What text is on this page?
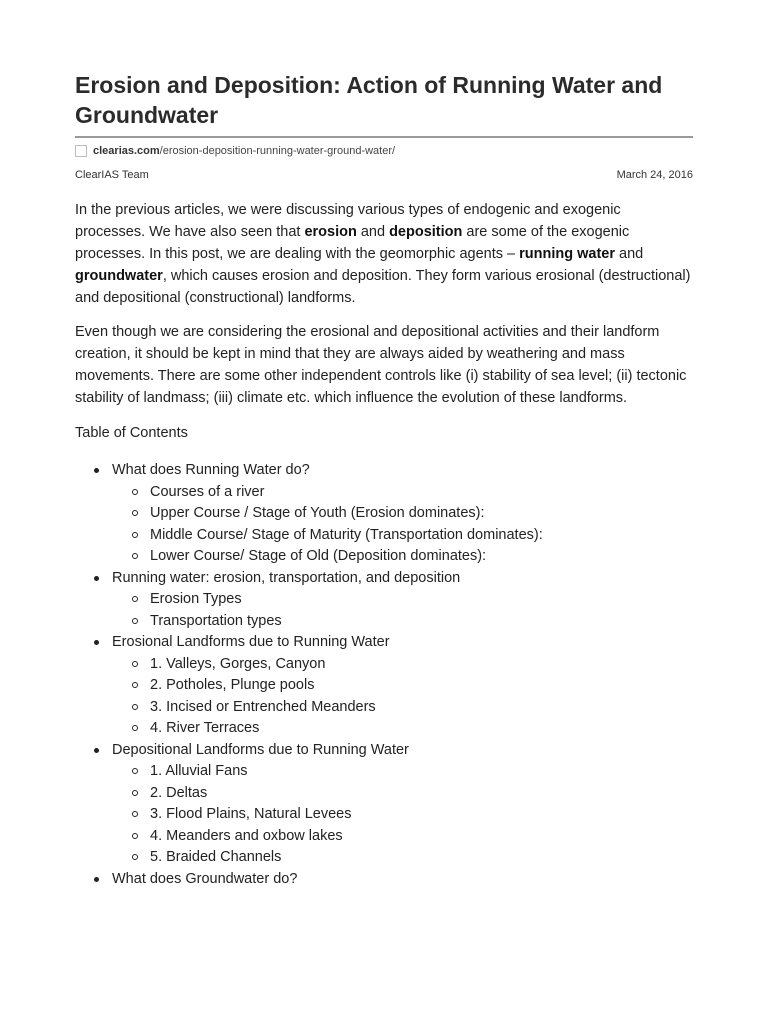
Erosion and Deposition: Action of Running Water and Groundwater
clearias.com /erosion-deposition-running-water-ground-water/
ClearIAS Team	March 24, 2016

In the previous articles, we were discussing various types of endogenic and exogenic processes. We have also seen that erosion and deposition are some of the exogenic processes. In this post, we are dealing with the geomorphic agents – running water and groundwater, which causes erosion and deposition. They form various erosional (destructional) and depositional (constructional) landforms.

Even though we are considering the erosional and depositional activities and their landform creation, it should be kept in mind that they are always aided by weathering and mass movements. There are some other independent controls like (i) stability of sea level; (ii) tectonic stability of landmass; (iii) climate etc. which influence the evolution of these landforms.

Table of Contents
What does Running Water do?
Courses of a river
Upper Course / Stage of Youth (Erosion dominates):
Middle Course/ Stage of Maturity (Transportation dominates):
Lower Course/ Stage of Old (Deposition dominates):
Running water: erosion, transportation, and deposition
Erosion Types
Transportation types
Erosional Landforms due to Running Water
1. Valleys, Gorges, Canyon
2. Potholes, Plunge pools
3. Incised or Entrenched Meanders
4. River Terraces
Depositional Landforms due to Running Water
1. Alluvial Fans
2. Deltas
3. Flood Plains, Natural Levees
4. Meanders and oxbow lakes
5. Braided Channels
What does Groundwater do?
